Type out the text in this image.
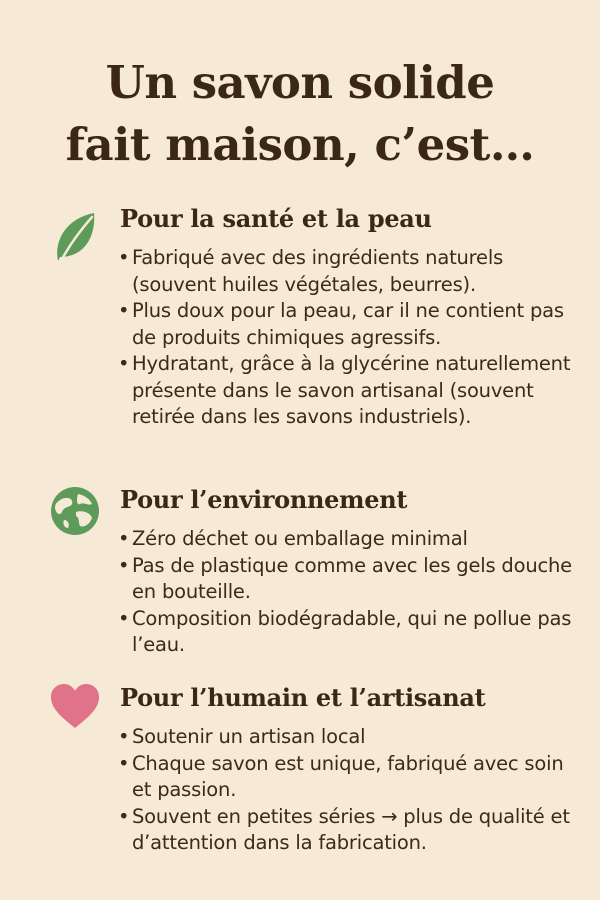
Un savon solide
fait maison, c’est…
Pour la santé et la peau
• Fabriqué avec des ingrédients naturels (souvent huiles végétales, beurres).
• Plus doux pour la peau, car il ne contient pas de produits chimiques agressifs.
• Hydratant, grâce à la glycérine naturellement présente dans le savon artisanal (souvent retirée dans les savons industriels).
Pour l’environnement
• Zéro déchet ou emballage minimal
• Pas de plastique comme avec les gels douche en bouteille.
• Composition biodégradable, qui ne pollue pas l’eau.
Pour l’humain et l’artisanat
• Soutenir un artisan local
• Chaque savon est unique, fabriqué avec soin et passion.
• Souvent en petites séries → plus de qualité et d’attention dans la fabrication.
